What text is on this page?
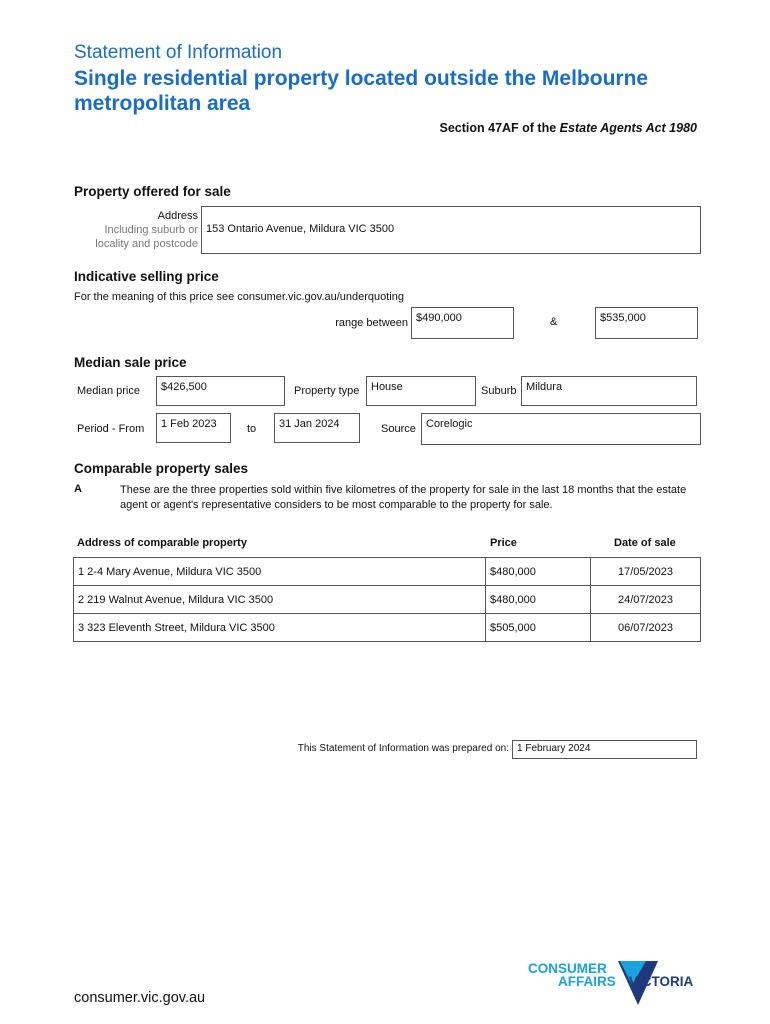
Statement of Information
Single residential property located outside the Melbourne metropolitan area
Section 47AF of the Estate Agents Act 1980
Property offered for sale
Address
Including suburb or
locality and postcode
153 Ontario Avenue, Mildura VIC 3500
Indicative selling price
For the meaning of this price see consumer.vic.gov.au/underquoting
range between $490,000	&	$535,000
Median sale price
Median price	$426,500	Property type	House	Suburb Mildura
Period - From	1 Feb 2023	to	31 Jan 2024	Source Corelogic
Comparable property sales
A	These are the three properties sold within five kilometres of the property for sale in the last 18 months that the estate agent or agent's representative considers to be most comparable to the property for sale.
Address of comparable property	Price	Date of sale
1 2-4 Mary Avenue, Mildura VIC 3500	$480,000	17/05/2023
2 219 Walnut Avenue, Mildura VIC 3500	$480,000	24/07/2023
3 323 Eleventh Street, Mildura VIC 3500	$505,000	06/07/2023
This Statement of Information was prepared on: 1 February 2024
consumer.vic.gov.au
CONSUMER
AFFAIRS VICTORIA
